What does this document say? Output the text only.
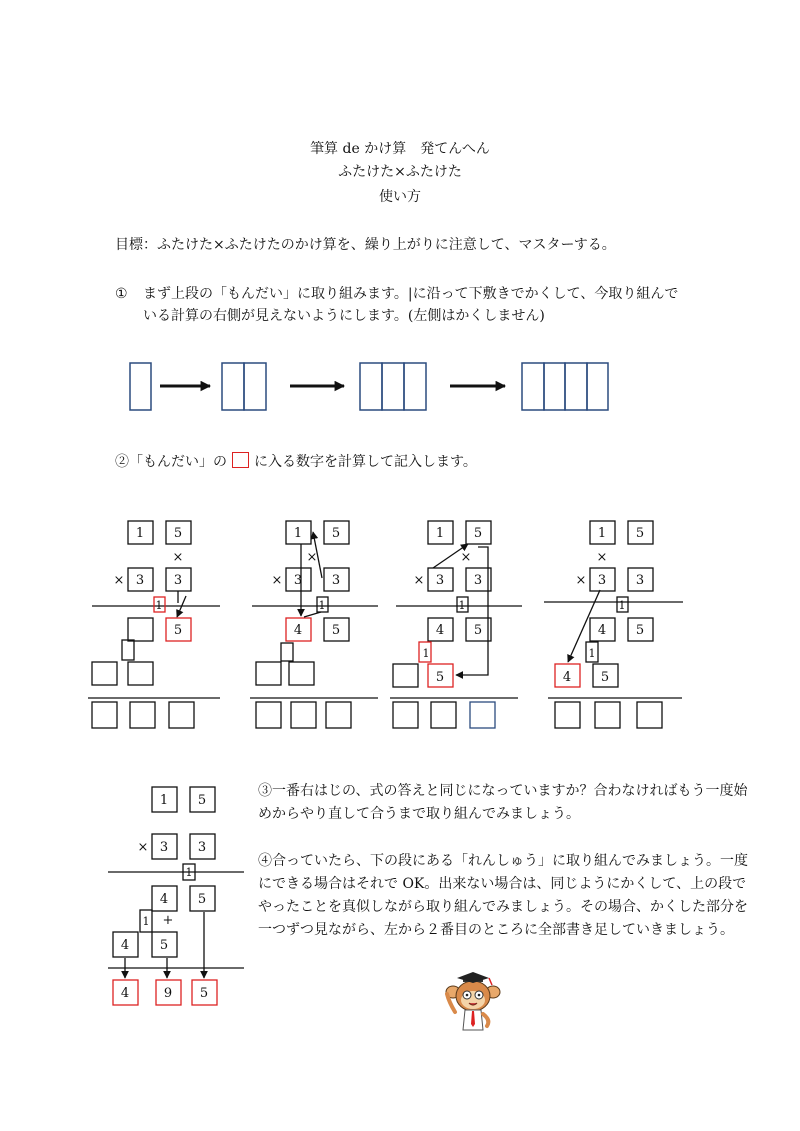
筆算 de かけ算　発てんへん
ふたけた×ふたけた
使い方
目標：ふたけた×ふたけたのかけ算を、繰り上がりに注意して、マスターする。
① まず上段の「もんだい」に取り組みます。|に沿って下敷きでかくして、今取り組んで
いる計算の右側が見えないようにします。(左側はかくしません)
②「もんだい」の に入る数字を計算して記入します。
③一番右はじの、式の答えと同じになっていますか？合わなければもう一度始
めからやり直して合うまで取り組んでみましょう。
④合っていたら、下の段にある「れんしゅう」に取り組んでみましょう。一度
にできる場合はそれで OK。出来ない場合は、同じようにかくして、上の段で
やったことを真似しながら取り組んでみましょう。その場合、かくした部分を
一つずつ見ながら、左から２番目のところに全部書き足していきましょう。
1 5
×
× 3 3
1
5
1 5
×
× 3 3
1
4 5
1 5
×
× 3 3
1
4 5
1
5
1 5
×
× 3 3
1
4 5
1
4 5
1 5
× 3 3
1
4 5
1 +
4 5
4	9 5
